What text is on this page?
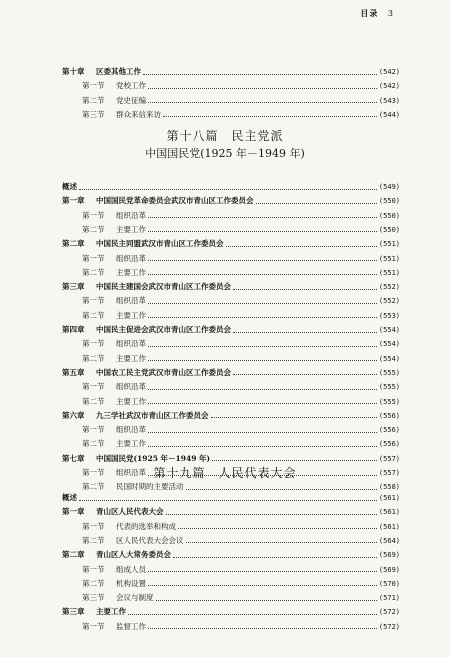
目录 3
第十章	区委其他工作	(542)
第一节	党校工作	(542)
第二节	党史征编	(543)
第三节	群众来信来访	(544)
第十八篇　民主党派
中国国民党(1925 年－1949 年)
概述	(549)
第一章	中国国民党革命委员会武汉市青山区工作委员会	(550)
第一节	组织沿革	(550)
第二节	主要工作	(550)
第二章	中国民主同盟武汉市青山区工作委员会	(551)
第一节	组织沿革	(551)
第二节	主要工作	(551)
第三章	中国民主建国会武汉市青山区工作委员会	(552)
第一节	组织沿革	(552)
第二节	主要工作	(553)
第四章	中国民主促进会武汉市青山区工作委员会	(554)
第一节	组织沿革	(554)
第二节	主要工作	(554)
第五章	中国农工民主党武汉市青山区工作委员会	(555)
第一节	组织沿革	(555)
第二节	主要工作	(555)
第六章	九三学社武汉市青山区工作委员会	(556)
第一节	组织沿革	(556)
第二节	主要工作	(556)
第七章	中国国民党(1925 年－1949 年)	(557)
第一节	组织沿革	(557)
第二节	民国时期的主要活动	(558)
第十九篇　人民代表大会
概述	(561)
第一章	青山区人民代表大会	(561)
第一节	代表的选举和构成	(561)
第二节	区人民代表大会会议	(564)
第二章	青山区人大常务委员会	(569)
第一节	组成人员	(569)
第二节	机构设置	(570)
第三节	会议与制度	(571)
第三章	主要工作	(572)
第一节	监督工作	(572)
